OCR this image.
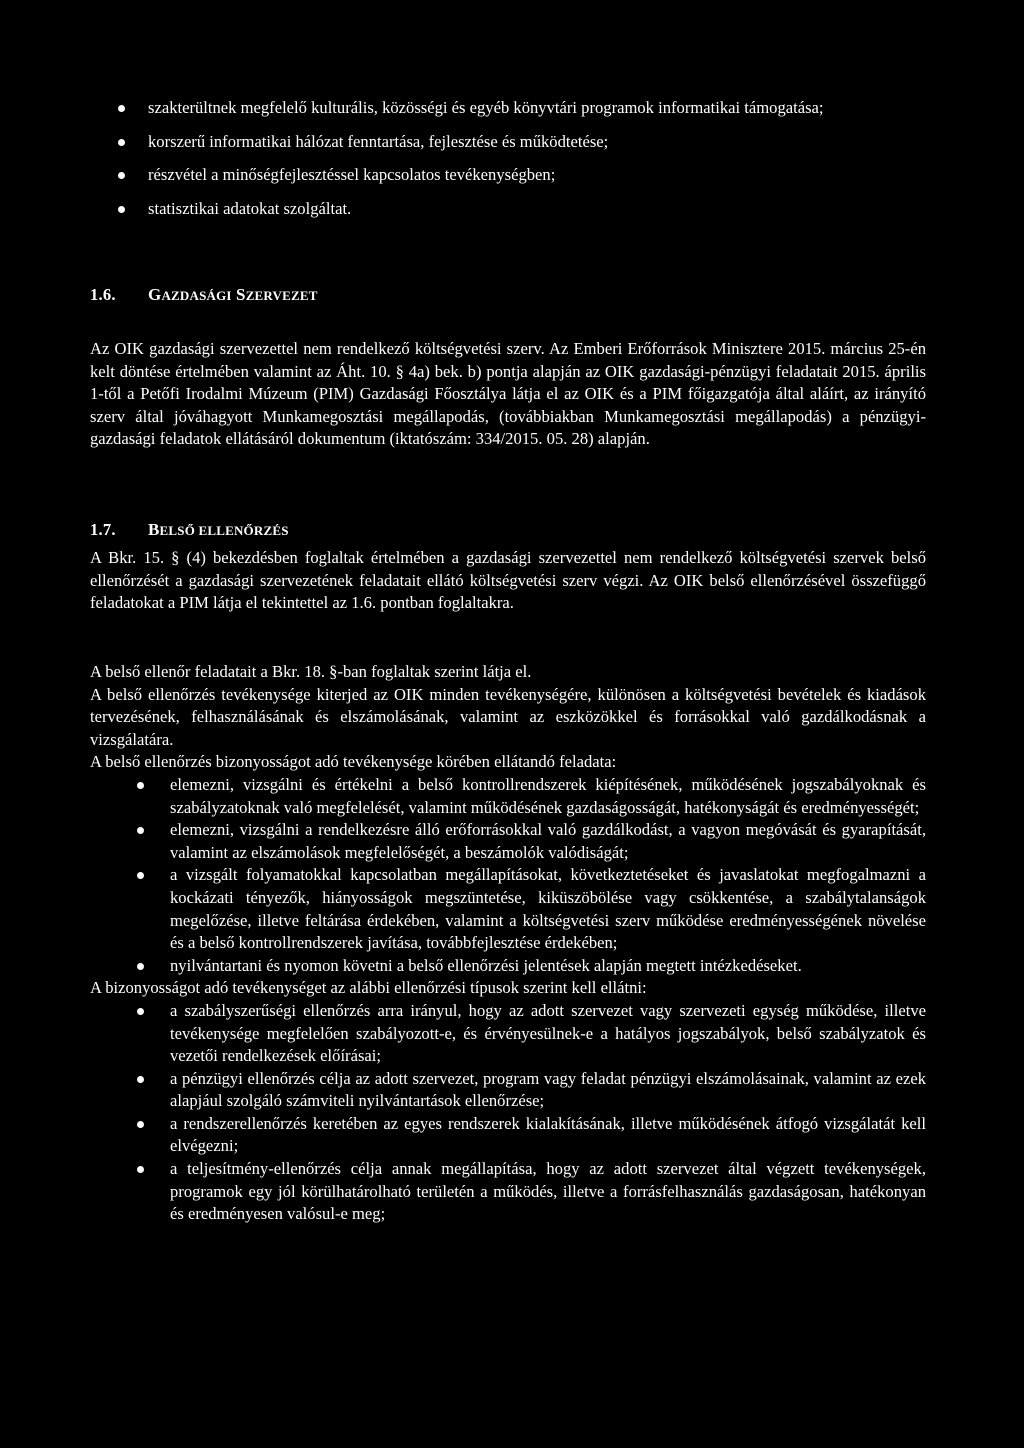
szakterültnek megfelelő kulturális, közösségi és egyéb könyvtári programok informatikai támogatása;
korszerű informatikai hálózat fenntartása, fejlesztése és működtetése;
részvétel a minőségfejlesztéssel kapcsolatos tevékenységben;
statisztikai adatokat szolgáltat.
1.6. GAZDASÁGI SZERVEZET

Az OIK gazdasági szervezettel nem rendelkező költségvetési szerv. Az Emberi Erőforrások Minisztere 2015. március 25-én kelt döntése értelmében valamint az Áht. 10. § 4a) bek. b) pontja alapján az OIK gazdasági-pénzügyi feladatait 2015. április 1-től a Petőfi Irodalmi Múzeum (PIM) Gazdasági Főosztálya látja el az OIK és a PIM főigazgatója által aláírt, az irányító szerv által jóváhagyott Munkamegosztási megállapodás, (továbbiakban Munkamegosztási megállapodás) a pénzügyi-gazdasági feladatok ellátásáról dokumentum (iktatószám: 334/2015. 05. 28) alapján.

1.7. BELSŐ ELLENŐRZÉS

A Bkr. 15. § (4) bekezdésben foglaltak értelmében a gazdasági szervezettel nem rendelkező költségvetési szervek belső ellenőrzését a gazdasági szervezetének feladatait ellátó költségvetési szerv végzi. Az OIK belső ellenőrzésével összefüggő feladatokat a PIM látja el tekintettel az 1.6. pontban foglaltakra.

A belső ellenőr feladatait a Bkr. 18. §-ban foglaltak szerint látja el.

A belső ellenőrzés tevékenysége kiterjed az OIK minden tevékenységére, különösen a költségvetési bevételek és kiadások tervezésének, felhasználásának és elszámolásának, valamint az eszközökkel és forrásokkal való gazdálkodásnak a vizsgálatára.

A belső ellenőrzés bizonyosságot adó tevékenysége körében ellátandó feladata:

elemezni, vizsgálni és értékelni a belső kontrollrendszerek kiépítésének, működésének jogszabályoknak és szabályzatoknak való megfelelését, valamint működésének gazdaságosságát, hatékonyságát és eredményességét;
elemezni, vizsgálni a rendelkezésre álló erőforrásokkal való gazdálkodást, a vagyon megóvását és gyarapítását, valamint az elszámolások megfelelőségét, a beszámolók valódiságát;
a vizsgált folyamatokkal kapcsolatban megállapításokat, következtetéseket és javaslatokat megfogalmazni a kockázati tényezők, hiányosságok megszüntetése, kiküszöbölése vagy csökkentése, a szabálytalanságok megelőzése, illetve feltárása érdekében, valamint a költségvetési szerv működése eredményességének növelése és a belső kontrollrendszerek javítása, továbbfejlesztése érdekében;
nyilvántartani és nyomon követni a belső ellenőrzési jelentések alapján megtett intézkedéseket.

A bizonyosságot adó tevékenységet az alábbi ellenőrzési típusok szerint kell ellátni:

a szabályszerűségi ellenőrzés arra irányul, hogy az adott szervezet vagy szervezeti egység működése, illetve tevékenysége megfelelően szabályozott-e, és érvényesülnek-e a hatályos jogszabályok, belső szabályzatok és vezetői rendelkezések előírásai;
a pénzügyi ellenőrzés célja az adott szervezet, program vagy feladat pénzügyi elszámolásainak, valamint az ezek alapjául szolgáló számviteli nyilvántartások ellenőrzése;
a rendszerellenőrzés keretében az egyes rendszerek kialakításának, illetve működésének átfogó vizsgálatát kell elvégezni;
a teljesítmény-ellenőrzés célja annak megállapítása, hogy az adott szervezet által végzett tevékenységek, programok egy jól körülhatárolható területén a működés, illetve a forrásfelhasználás gazdaságosan, hatékonyan és eredményesen valósul-e meg;
